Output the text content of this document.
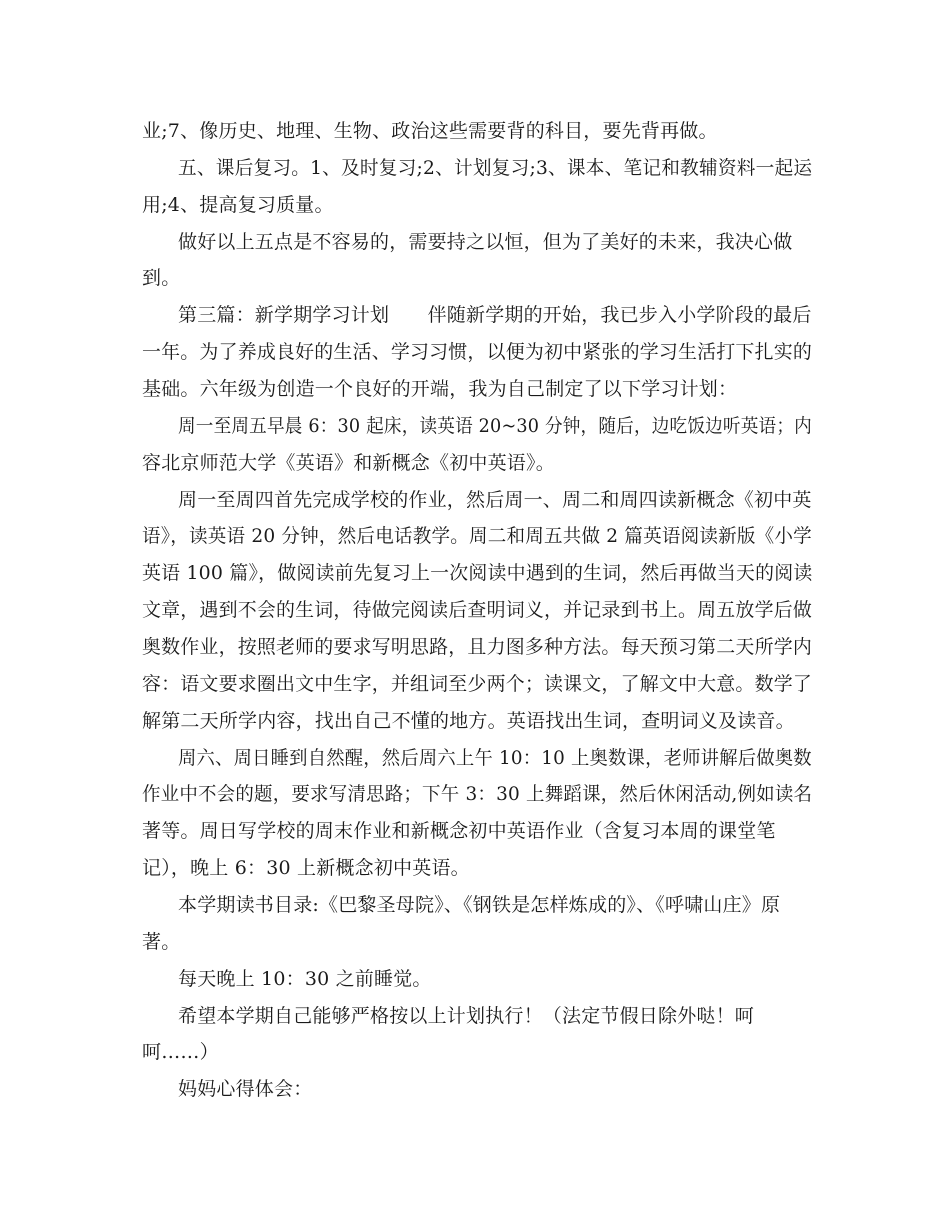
业;7、像历史、地理、生物、政治这些需要背的科目，要先背再做。
五、课后复习。1、及时复习;2、计划复习;3、课本、笔记和教辅资料一起运
用;4、提高复习质量。
做好以上五点是不容易的，需要持之以恒，但为了美好的未来，我决心做
到。
第三篇：新学期学习计划　　伴随新学期的开始，我已步入小学阶段的最后
一年。为了养成良好的生活、学习习惯，以便为初中紧张的学习生活打下扎实的
基础。六年级为创造一个良好的开端，我为自己制定了以下学习计划：
周一至周五早晨 6：30 起床，读英语 20~30 分钟，随后，边吃饭边听英语；内
容北京师范大学《英语》和新概念《初中英语》。
周一至周四首先完成学校的作业，然后周一、周二和周四读新概念《初中英
语》，读英语 20 分钟，然后电话教学。周二和周五共做 2 篇英语阅读新版《小学
英语 100 篇》，做阅读前先复习上一次阅读中遇到的生词，然后再做当天的阅读
文章，遇到不会的生词，待做完阅读后查明词义，并记录到书上。周五放学后做
奥数作业，按照老师的要求写明思路，且力图多种方法。每天预习第二天所学内
容：语文要求圈出文中生字，并组词至少两个；读课文，了解文中大意。数学了
解第二天所学内容，找出自己不懂的地方。英语找出生词，查明词义及读音。
周六、周日睡到自然醒，然后周六上午 10：10 上奥数课，老师讲解后做奥数
作业中不会的题，要求写清思路；下午 3：30 上舞蹈课，然后休闲活动,例如读名
著等。周日写学校的周末作业和新概念初中英语作业（含复习本周的课堂笔
记），晚上 6：30 上新概念初中英语。
本学期读书目录:《巴黎圣母院》、《钢铁是怎样炼成的》、《呼啸山庄》原
著。
每天晚上 10：30 之前睡觉。
希望本学期自己能够严格按以上计划执行！（法定节假日除外哒！呵
呵……）
妈妈心得体会：
